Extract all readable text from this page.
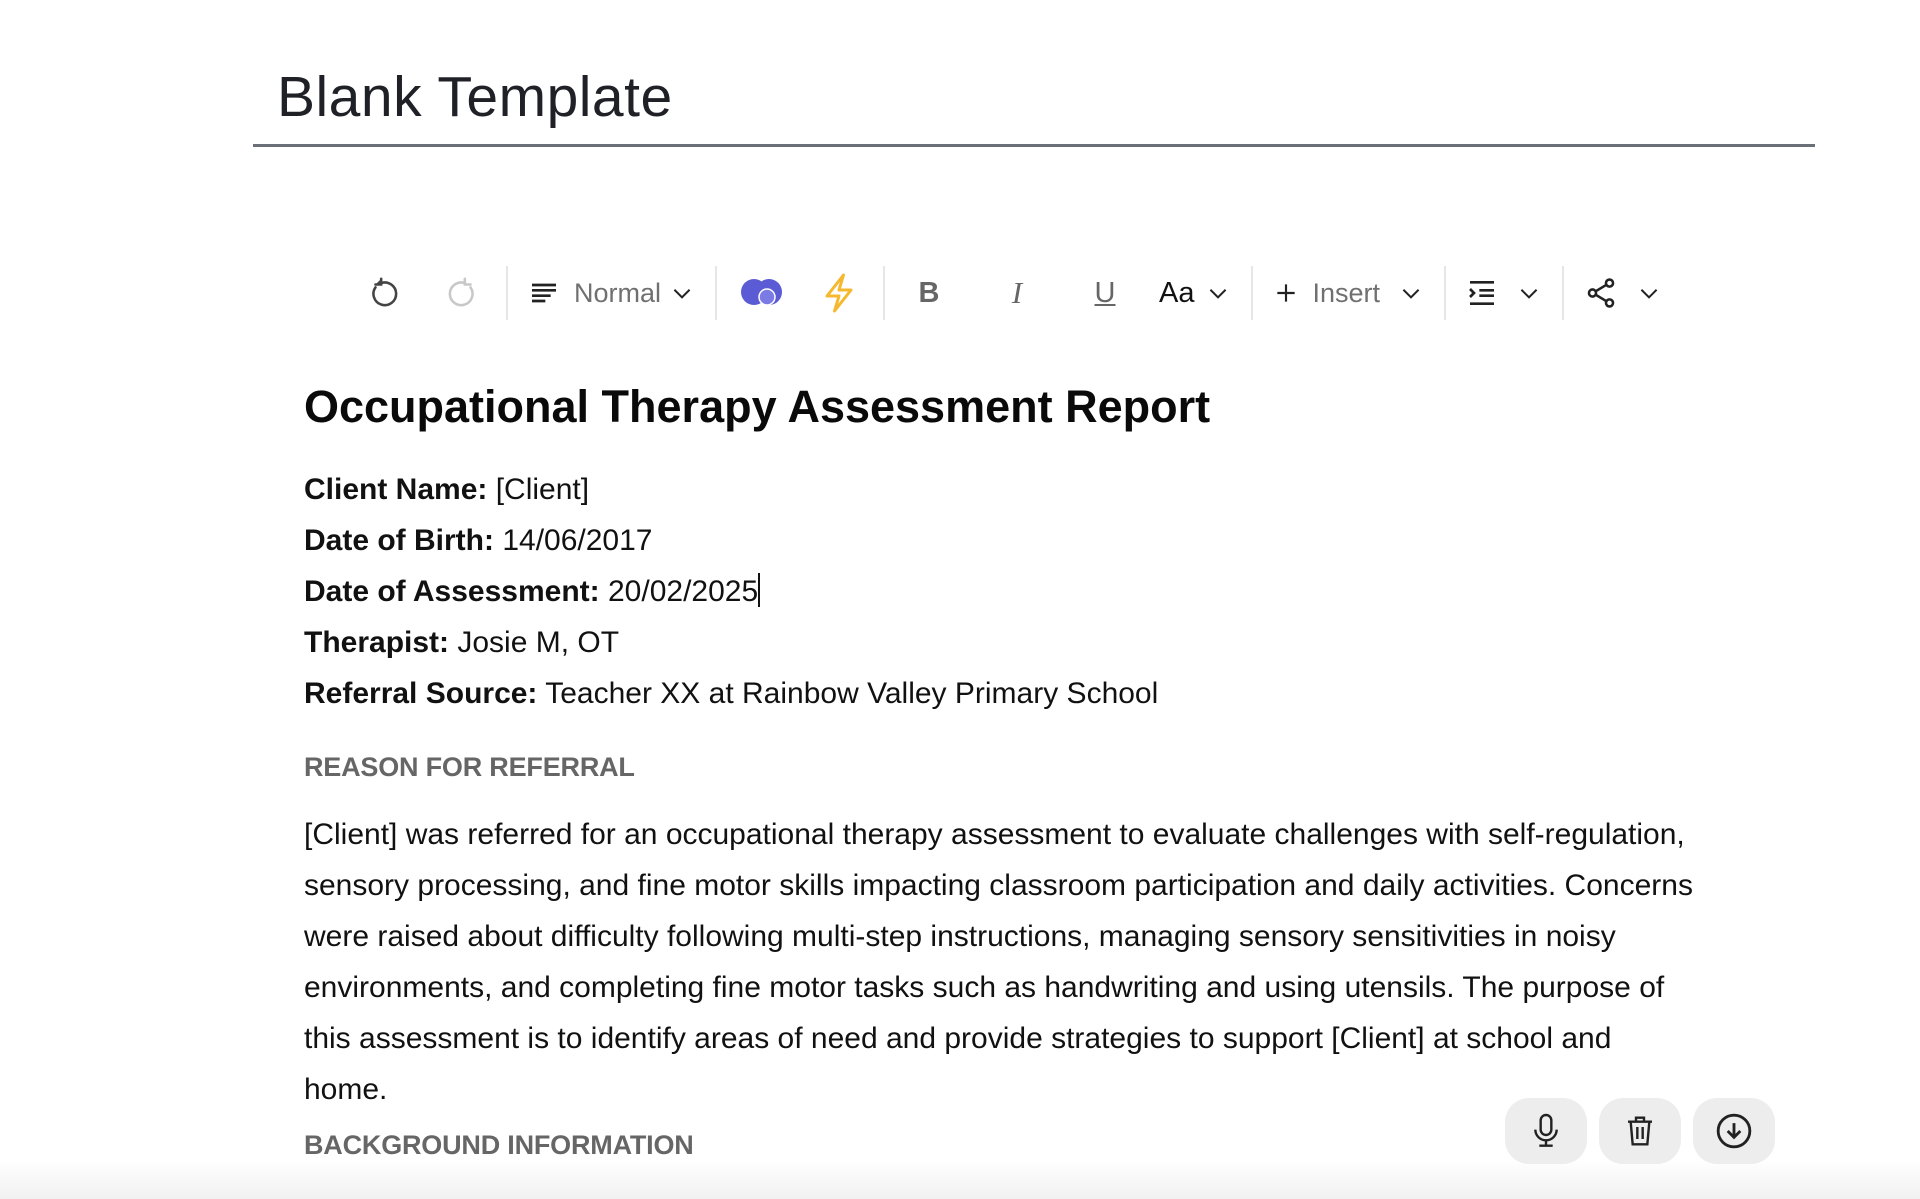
Blank Template
Normal	B	I	U	Aa	Insert
Occupational Therapy Assessment Report
Client Name: [Client]
Date of Birth: 14/06/2017
Date of Assessment: 20/02/2025
Therapist: Josie M, OT
Referral Source: Teacher XX at Rainbow Valley Primary School
REASON FOR REFERRAL

[Client] was referred for an occupational therapy assessment to evaluate challenges with self-regulation, sensory processing, and fine motor skills impacting classroom participation and daily activities. Concerns were raised about difficulty following multi-step instructions, managing sensory sensitivities in noisy environments, and completing fine motor tasks such as handwriting and using utensils. The purpose of this assessment is to identify areas of need and provide strategies to support [Client] at school and home.

BACKGROUND INFORMATION
